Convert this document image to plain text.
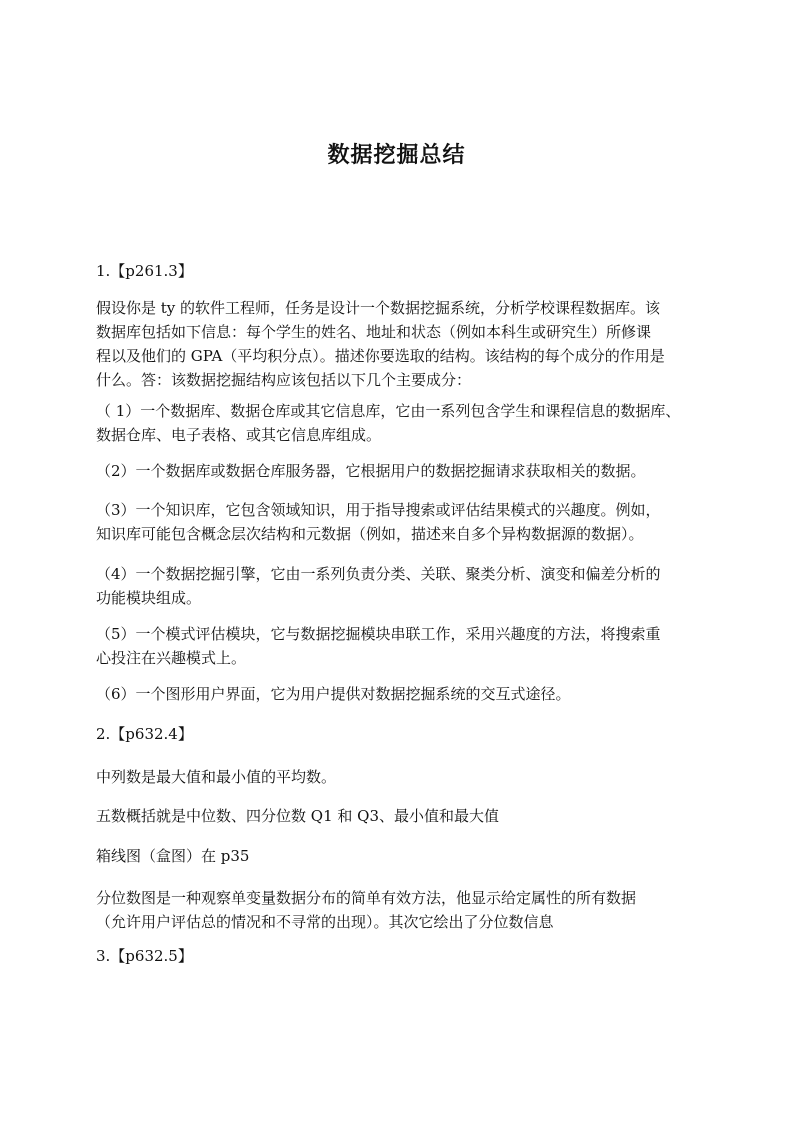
数据挖掘总结

1.【p261.3】

假设你是 ty 的软件工程师，任务是设计一个数据挖掘系统，分析学校课程数据库。该

数据库包括如下信息：每个学生的姓名、地址和状态（例如本科生或研究生）所修课

程以及他们的 GPA（平均积分点）。描述你要选取的结构。该结构的每个成分的作用是

什么。答：该数据挖掘结构应该包括以下几个主要成分：

（ 1）一个数据库、数据仓库或其它信息库，它由一系列包含学生和课程信息的数据库、

数据仓库、电子表格、或其它信息库组成。

（2）一个数据库或数据仓库服务器，它根据用户的数据挖掘请求获取相关的数据。

（3）一个知识库，它包含领域知识，用于指导搜索或评估结果模式的兴趣度。例如，

知识库可能包含概念层次结构和元数据（例如，描述来自多个异构数据源的数据）。

（4）一个数据挖掘引擎，它由一系列负责分类、关联、聚类分析、演变和偏差分析的

功能模块组成。

（5）一个模式评估模块，它与数据挖掘模块串联工作，采用兴趣度的方法，将搜索重

心投注在兴趣模式上。

（6）一个图形用户界面，它为用户提供对数据挖掘系统的交互式途径。

2.【p632.4】

中列数是最大值和最小值的平均数。

五数概括就是中位数、四分位数 Q1 和 Q3、最小值和最大值

箱线图（盒图）在 p35

分位数图是一种观察单变量数据分布的简单有效方法，他显示给定属性的所有数据

（允许用户评估总的情况和不寻常的出现）。其次它绘出了分位数信息

3.【p632.5】
